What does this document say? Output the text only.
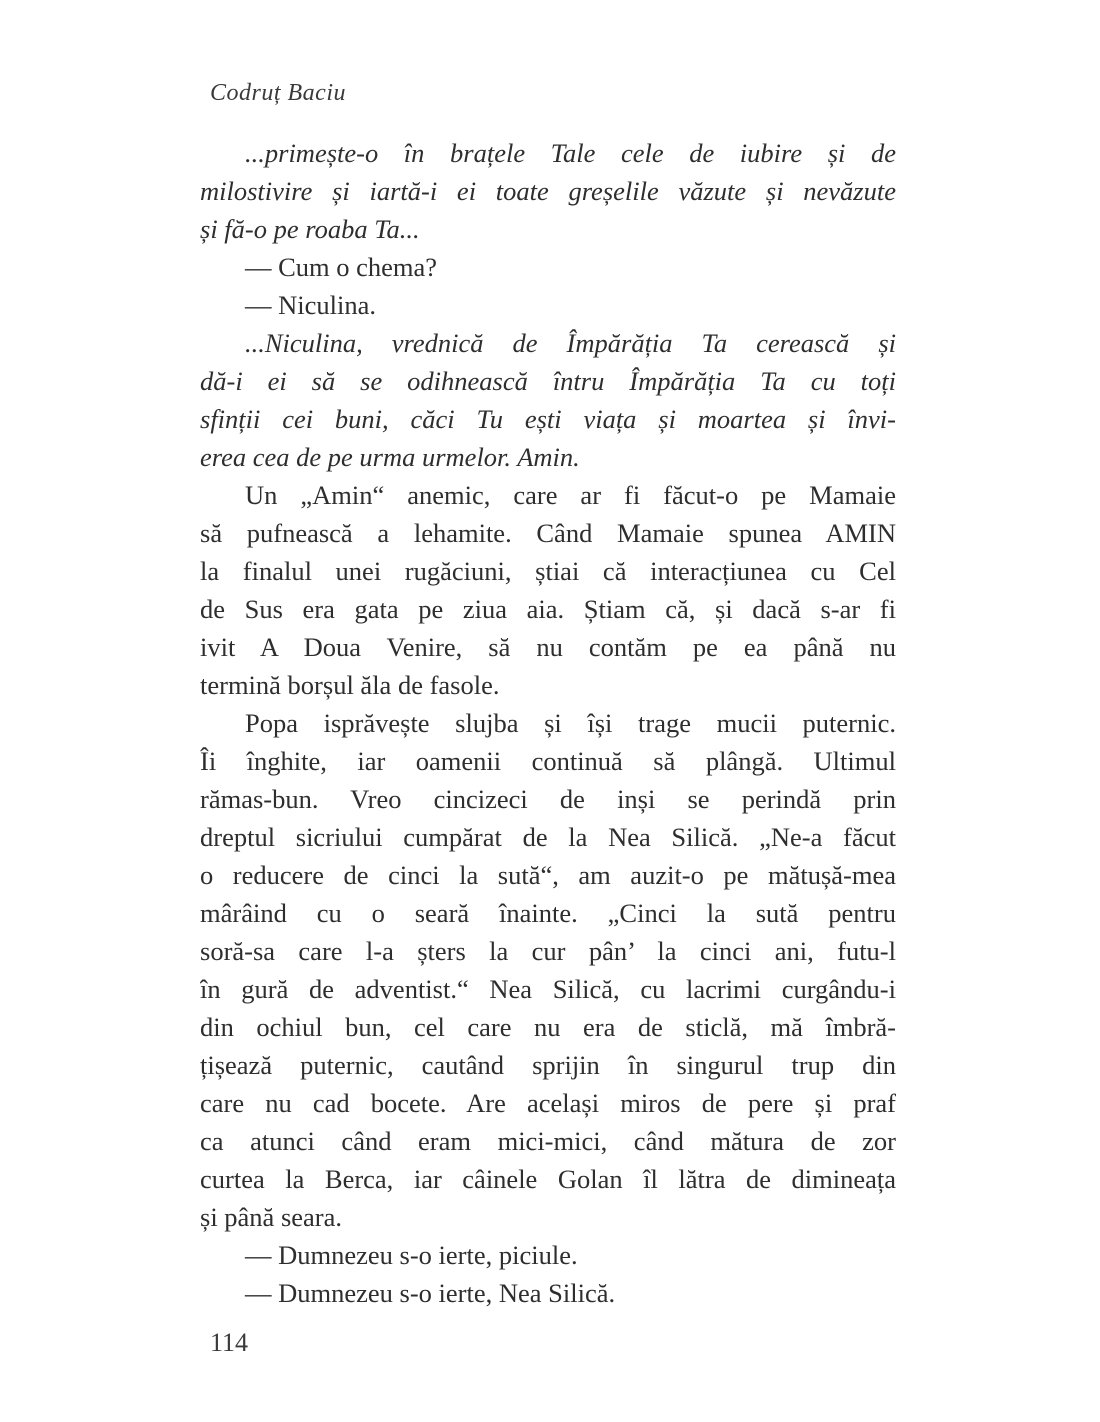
Codruț Baciu
...primește-o în brațele Tale cele de iubire și de
milostivire și iartă-i ei toate greșelile văzute și nevăzute
și fă-o pe roaba Ta...
— Cum o chema?
— Niculina.
...Niculina, vrednică de Împărăția Ta cerească și
dă-i ei să se odihnească întru Împărăția Ta cu toți
sfinții cei buni, căci Tu ești viața și moartea și învi-
erea cea de pe urma urmelor. Amin.
Un „Amin“ anemic, care ar fi făcut-o pe Mamaie
să pufnească a lehamite. Când Mamaie spunea AMIN
la finalul unei rugăciuni, știai că interacțiunea cu Cel
de Sus era gata pe ziua aia. Știam că, și dacă s-ar fi
ivit A Doua Venire, să nu contăm pe ea până nu
termină borșul ăla de fasole.
Popa isprăvește slujba și își trage mucii puternic.
Îi înghite, iar oamenii continuă să plângă. Ultimul
rămas-bun. Vreo cincizeci de inși se perindă prin
dreptul sicriului cumpărat de la Nea Silică. „Ne-a făcut
o reducere de cinci la sută“, am auzit-o pe mătușă-mea
mârâind cu o seară înainte. „Cinci la sută pentru
soră-sa care l-a șters la cur pân’ la cinci ani, futu-l
în gură de adventist.“ Nea Silică, cu lacrimi curgându-i
din ochiul bun, cel care nu era de sticlă, mă îmbră-
țișează puternic, cautând sprijin în singurul trup din
care nu cad bocete. Are același miros de pere și praf
ca atunci când eram mici-mici, când mătura de zor
curtea la Berca, iar câinele Golan îl lătra de dimineața
și până seara.
— Dumnezeu s-o ierte, piciule.
— Dumnezeu s-o ierte, Nea Silică.
114
